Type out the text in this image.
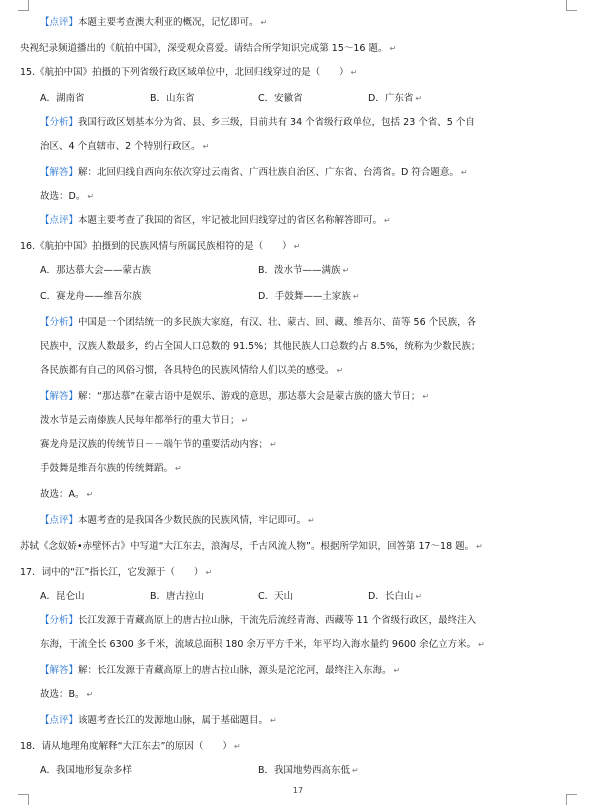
【点评】本题主要考查澳大利亚的概况，记忆即可。 ↵
央视纪录频道播出的《航拍中国》，深受观众喜爱。请结合所学知识完成第 15～16 题。 ↵
15.《航拍中国》拍摄的下列省级行政区域单位中，北回归线穿过的是（　　） ↵
A．湖南省	B．山东省	C．安徽省	D．广东省 ↵
【分析】我国行政区划基本分为省、县、乡三级，目前共有 34 个省级行政单位，包括 23 个省、5 个自
治区、4 个直辖市、2 个特别行政区。 ↵
【解答】解：北回归线自西向东依次穿过云南省、广西壮族自治区、广东省、台湾省。D 符合题意。 ↵
故选：D。 ↵
【点评】本题主要考查了我国的省区，牢记被北回归线穿过的省区名称解答即可。 ↵
16.《航拍中国》拍摄到的民族风情与所属民族相符的是（　　） ↵
A．那达慕大会——蒙古族	B．泼水节——满族 ↵
C．赛龙舟——维吾尔族	D．手鼓舞——土家族 ↵
【分析】中国是一个团结统一的多民族大家庭，有汉、壮、蒙古、回、藏、维吾尔、苗等 56 个民族，各
民族中，汉族人数最多，约占全国人口总数的 91.5%；其他民族人口总数约占 8.5%，统称为少数民族；
各民族都有自己的风俗习惯，各具特色的民族风情给人们以美的感受。 ↵
【解答】解：“那达慕”在蒙古语中是娱乐、游戏的意思，那达慕大会是蒙古族的盛大节日； ↵
泼水节是云南傣族人民每年都举行的重大节日； ↵
赛龙舟是汉族的传统节日－－端午节的重要活动内容； ↵
手鼓舞是维吾尔族的传统舞蹈。 ↵
故选：A。 ↵
【点评】本题考查的是我国各少数民族的民族风情，牢记即可。 ↵
苏轼《念奴娇•赤壁怀古》中写道“大江东去，浪淘尽，千古风流人物”。根据所学知识，回答第 17～18 题。 ↵
17．词中的“江”指长江，它发源于（　　） ↵
A．昆仑山	B．唐古拉山	C．天山	D．长白山 ↵
【分析】长江发源于青藏高原上的唐古拉山脉，干流先后流经青海、西藏等 11 个省级行政区，最终注入
东海，干流全长 6300 多千米，流域总面积 180 余万平方千米，年平均入海水量约 9600 余亿立方米。 ↵
【解答】解：长江发源于青藏高原上的唐古拉山脉，源头是沱沱河，最终注入东海。 ↵
故选：B。 ↵
【点评】该题考查长江的发源地山脉，属于基础题目。 ↵
18．请从地理角度解释“大江东去”的原因（　　） ↵
A．我国地形复杂多样	B．我国地势西高东低 ↵
17
